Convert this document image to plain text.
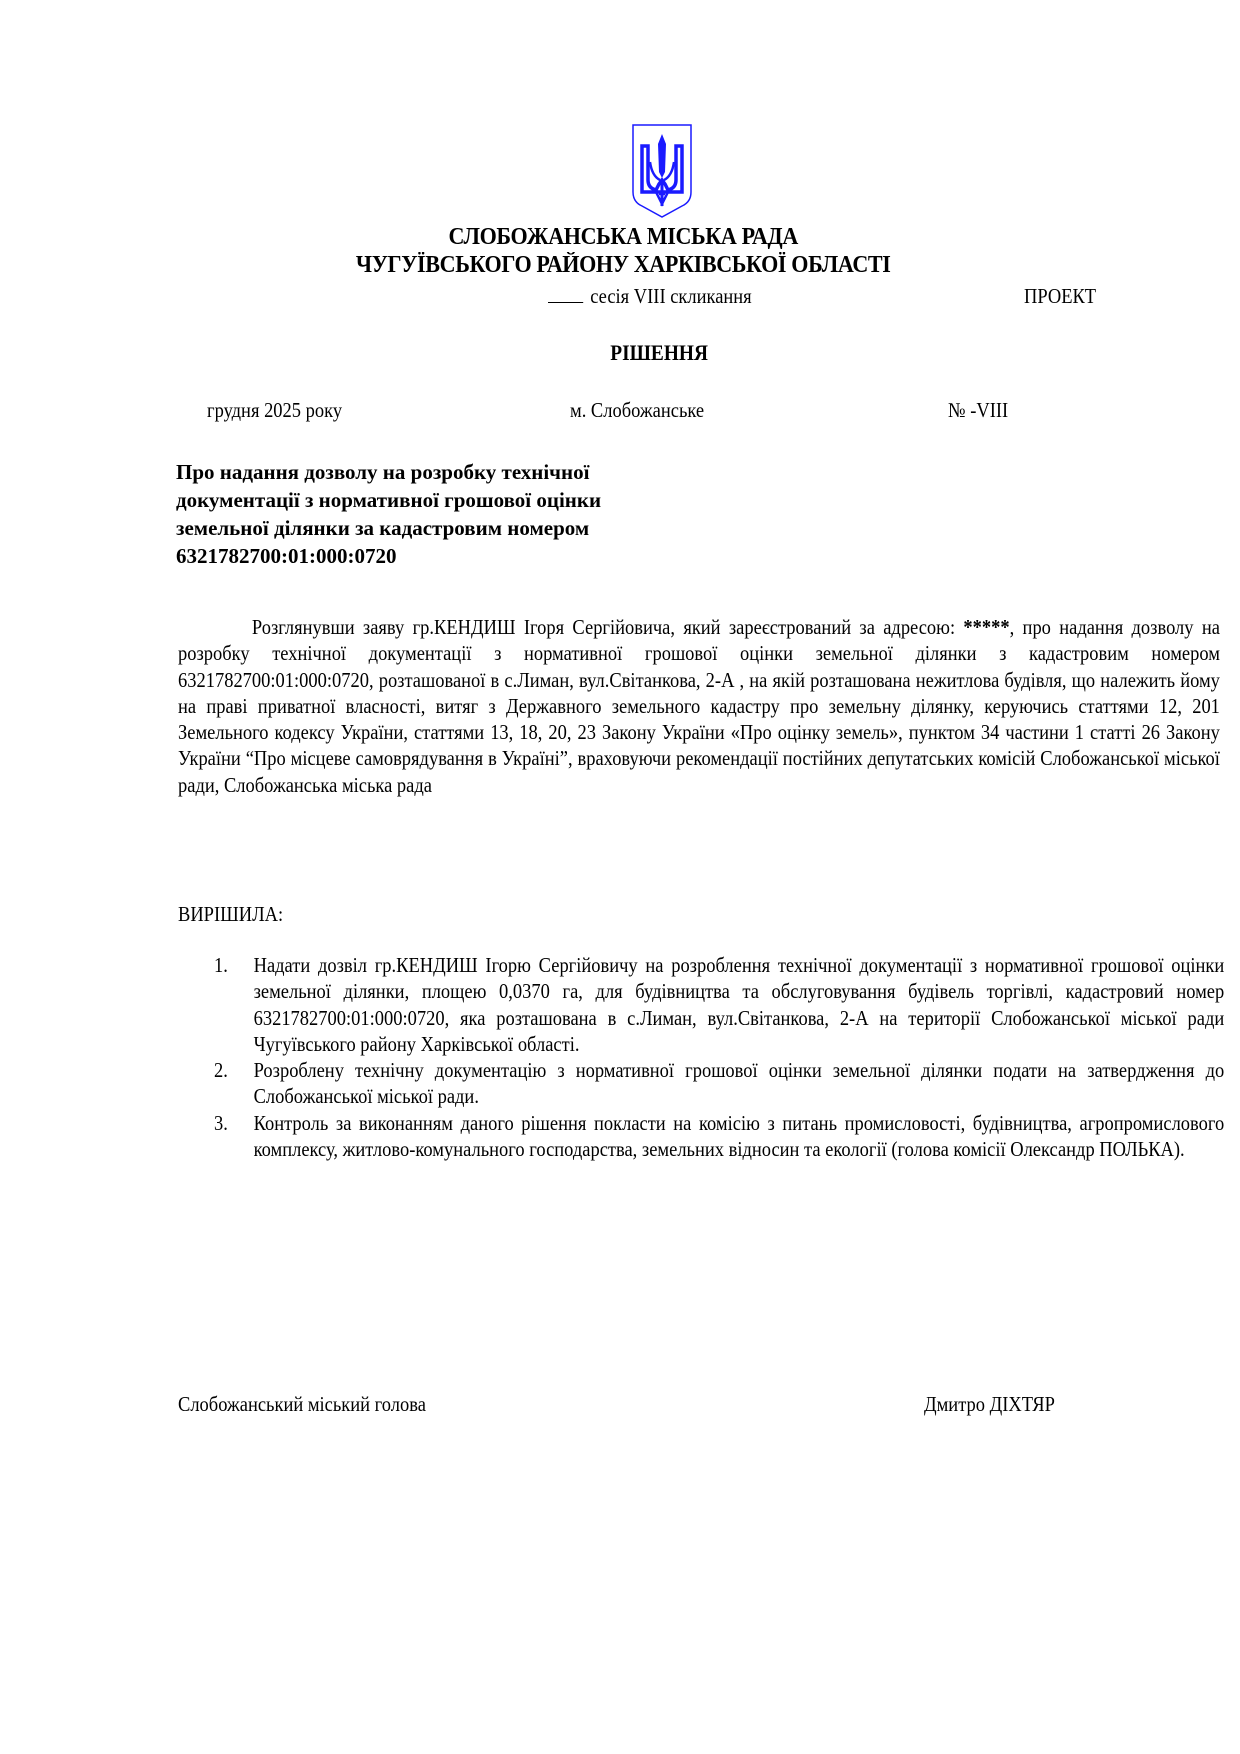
СЛОБОЖАНСЬКА МІСЬКА РАДА
ЧУГУЇВСЬКОГО РАЙОНУ ХАРКІВСЬКОЇ ОБЛАСТІ
сесія VIII скликання	ПРОЕКТ
РІШЕННЯ
грудня 2025 року	м. Слобожанське	№ -VIII
Про надання дозволу на розробку технічної
документації з нормативної грошової оцінки
земельної ділянки за кадастровим номером
6321782700:01:000:0720
Розглянувши заяву гр.КЕНДИШ Ігоря Сергійовича, який зареєстрований за адресою: *****, про надання дозволу на розробку технічної документації з нормативної грошової оцінки земельної ділянки з кадастровим номером 6321782700:01:000:0720, розташованої в с.Лиман, вул.Світанкова, 2-А , на якій розташована нежитлова будівля, що належить йому на праві приватної власності, витяг з Державного земельного кадастру про земельну ділянку, керуючись статтями 12, 201 Земельного кодексу України, статтями 13, 18, 20, 23 Закону України «Про оцінку земель», пунктом 34 частини 1 статті 26 Закону України “Про місцеве самоврядування в Україні”, враховуючи рекомендації постійних депутатських комісій Слобожанської міської ради, Слобожанська міська рада
ВИРІШИЛА:
1.	Надати дозвіл гр.КЕНДИШ Ігорю Сергійовичу на розроблення технічної документації з нормативної грошової оцінки земельної ділянки, площею 0,0370 га, для будівництва та обслуговування будівель торгівлі, кадастровий номер 6321782700:01:000:0720, яка розташована в с.Лиман, вул.Світанкова, 2-А на території Слобожанської міської ради Чугуївського району Харківської області.
2.	Розроблену технічну документацію з нормативної грошової оцінки земельної ділянки подати на затвердження до Слобожанської міської ради.
3.	Контроль за виконанням даного рішення покласти на комісію з питань промисловості, будівництва, агропромислового комплексу, житлово-комунального господарства, земельних відносин та екології (голова комісії Олександр ПОЛЬКА).
Слобожанський міський голова	Дмитро ДІХТЯР
